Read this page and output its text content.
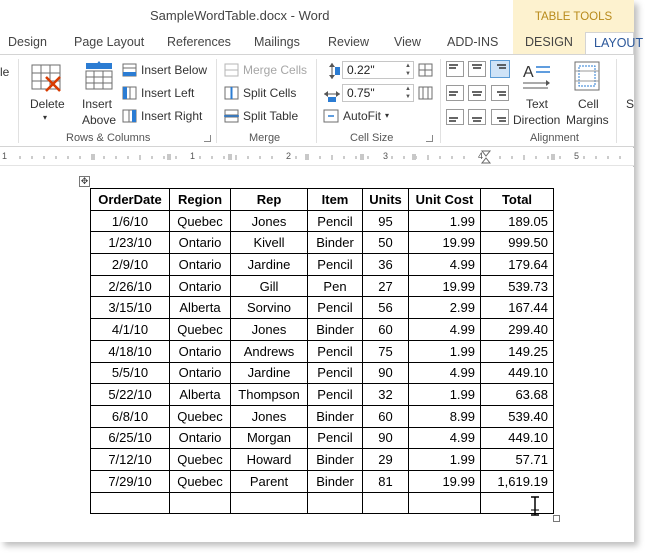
SampleWordTable.docx - Word	TABLE TOOLS
Design Page Layout References Mailings Review View ADD-INS	DESIGN	LAYOUT
le
Delete
▾
Insert
Above
Insert Below
Insert Left
Insert Right
Rows & Columns
Merge Cells
Split Cells
Split Table
Merge
0.22"	▲
▼
0.75"	▲
▼
AutoFit ▾
Cell Size
A
Text
Direction
Cell
Margins
Alignment
S
1	1	2	3	4	5
✥
OrderDate	Region	Rep	Item	Units	Unit Cost	Total
1/6/10	Quebec	Jones	Pencil	95	1.99	189.05
1/23/10	Ontario	Kivell	Binder	50	19.99	999.50
2/9/10	Ontario	Jardine	Pencil	36	4.99	179.64
2/26/10	Ontario	Gill	Pen	27	19.99	539.73
3/15/10	Alberta	Sorvino	Pencil	56	2.99	167.44
4/1/10	Quebec	Jones	Binder	60	4.99	299.40
4/18/10	Ontario	Andrews	Pencil	75	1.99	149.25
5/5/10	Ontario	Jardine	Pencil	90	4.99	449.10
5/22/10	Alberta	Thompson	Pencil	32	1.99	63.68
6/8/10	Quebec	Jones	Binder	60	8.99	539.40
6/25/10	Ontario	Morgan	Pencil	90	4.99	449.10
7/12/10	Quebec	Howard	Binder	29	1.99	57.71
7/29/10	Quebec	Parent	Binder	81	19.99	1,619.19
